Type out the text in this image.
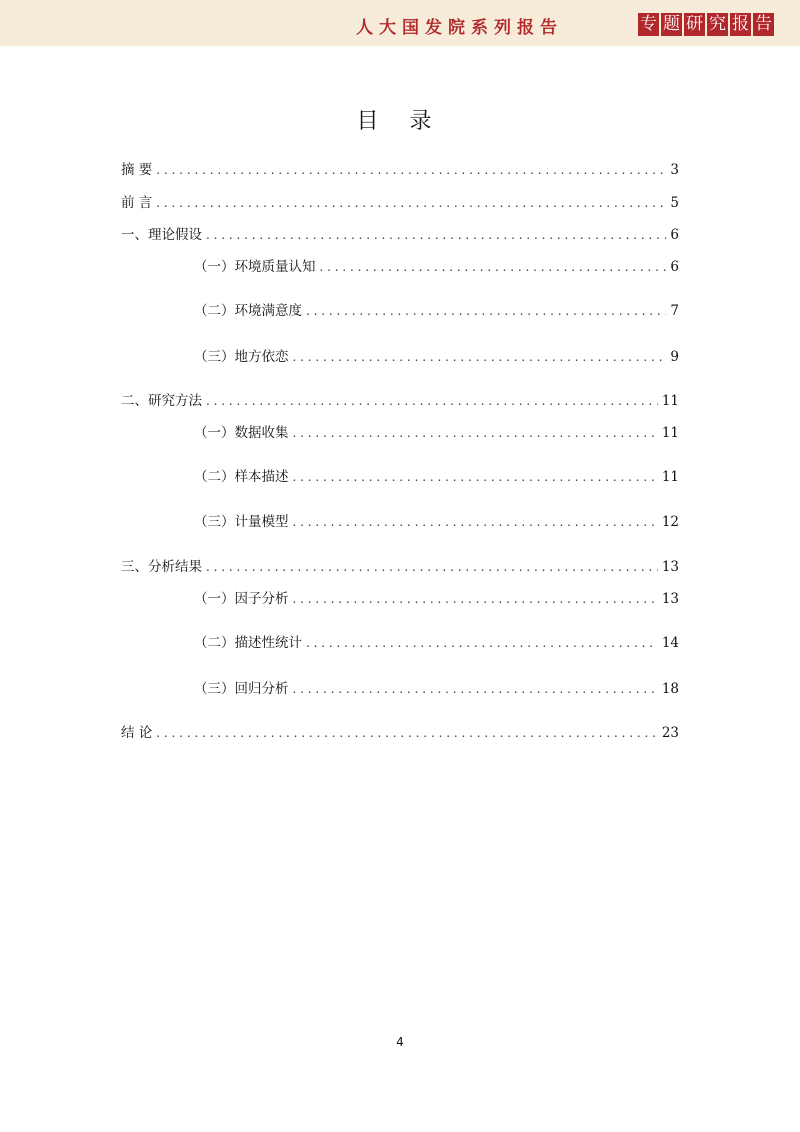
人大国发院系列报告	专 题 研 究 报 告
目 录
摘 要 . . .	3
前 言 . . .	5
一、理论假设 . . .	6
（一）环境质量认知 . . .	6
（二）环境满意度 . . .	7
（三）地方依恋 . . .	9
二、研究方法 . . .	11
（一）数据收集 . . .	11
（二）样本描述 . . .	11
（三）计量模型 . . .	12
三、分析结果 . . .	13
（一）因子分析 . . .	13
（二）描述性统计 . . .	14
（三）回归分析 . . .	18
结 论 . . .	23
4
